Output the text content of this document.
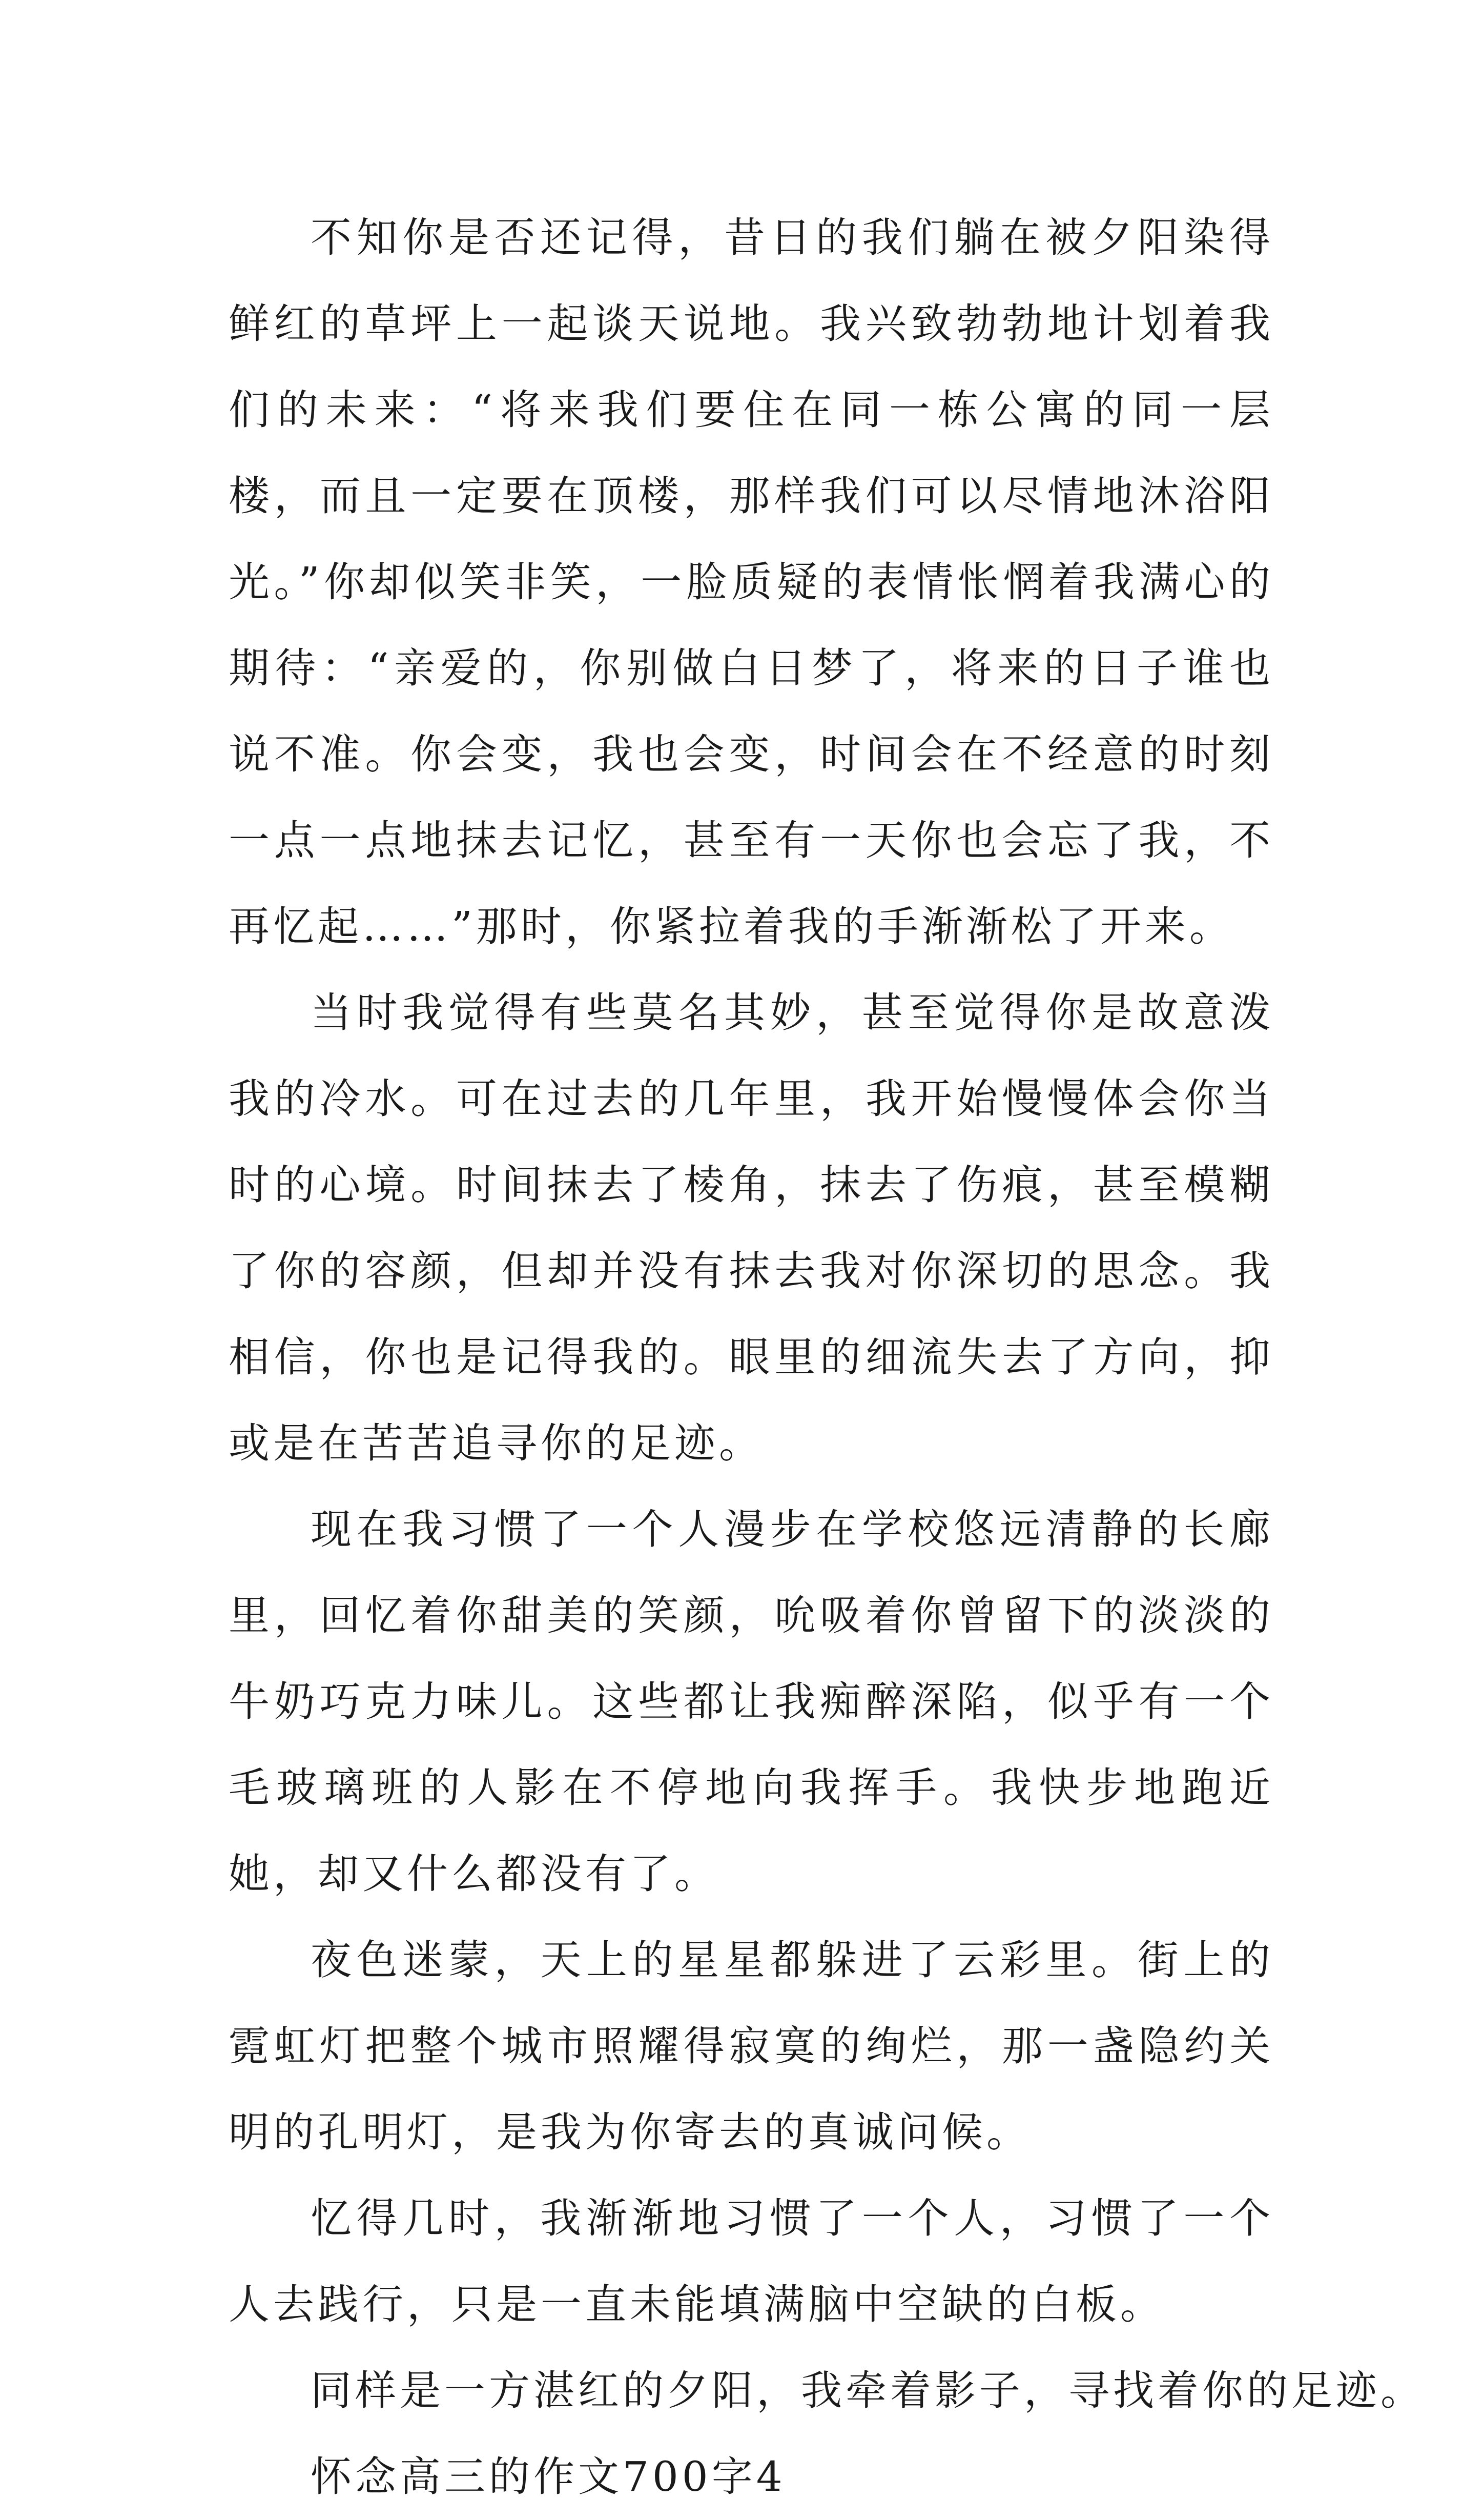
不知你是否还记得，昔日的我们躺在被夕阳染得鲜红的草坪上一起谈天说地。我兴致勃勃地计划着我们的未来：“将来我们要住在同一栋公寓的同一层楼，而且一定要在顶楼，那样我们可以尽情地沐浴阳光。”你却似笑非笑，一脸质疑的表情怅惘着我满心的期待：“亲爱的，你别做白日梦了，将来的日子谁也说不准。你会变，我也会变，时间会在不经意的时刻一点一点地抹去记忆，甚至有一天你也会忘了我，不再忆起……”那时，你紧拉着我的手渐渐松了开来。

当时我觉得有些莫名其妙，甚至觉得你是故意泼我的冷水。可在过去的几年里，我开始慢慢体会你当时的心境。时间抹去了棱角，抹去了伤痕，甚至模糊了你的容颜，但却并没有抹去我对你深切的思念。我相信，你也是记得我的。眼里的细流失去了方向，抑或是在苦苦追寻你的足迹。

现在我习惯了一个人漫步在学校悠远清静的长廊里，回忆着你甜美的笑颜，吮吸着你曾留下的淡淡的牛奶巧克力味儿。这些都让我痴醉深陷，似乎有一个毛玻璃班的人影在不停地向我挥手。我快步地跑近她，却又什么都没有了。

夜色迷蒙，天上的星星都躲进了云彩里。街上的霓虹灯把整个城市照耀得寂寞的绚烂，那一盏隐约关明的孔明灯，是我为你寄去的真诚问候。

忆得几时，我渐渐地习惯了一个人，习惯了一个人去践行，只是一直未能填满脑中空缺的白板。

同样是一方湛红的夕阳，我牵着影子，寻找着你的足迹。

怀念高三的作文700字4
